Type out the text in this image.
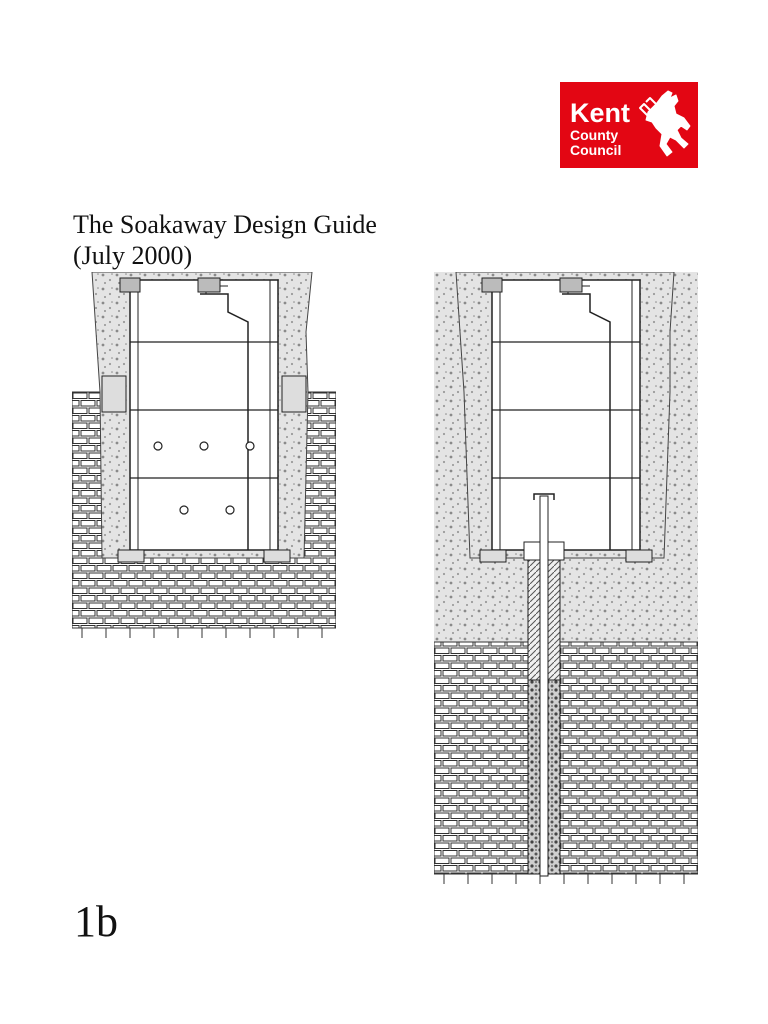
Kent
County
Council
The Soakaway Design Guide
(July 2000)

1b
